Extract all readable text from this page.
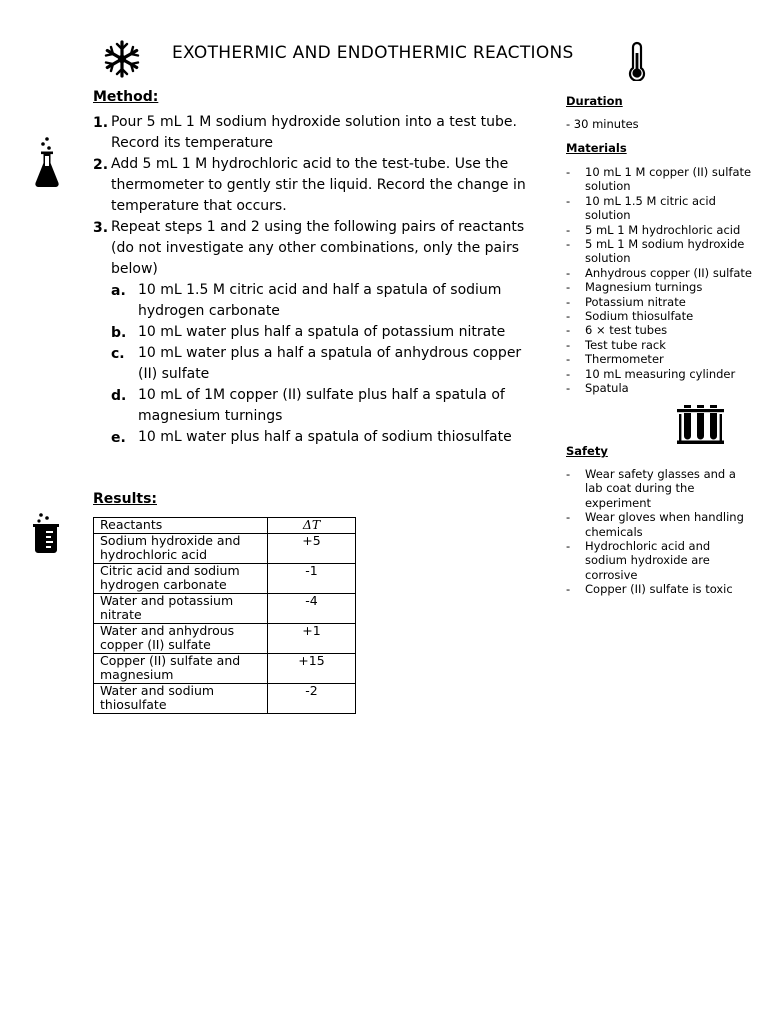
EXOTHERMIC AND ENDOTHERMIC REACTIONS
Method:
1. Pour 5 mL 1 M sodium hydroxide solution into a test tube. Record its temperature
2. Add 5 mL 1 M hydrochloric acid to the test-tube. Use the thermometer to gently stir the liquid. Record the change in temperature that occurs.
3. Repeat steps 1 and 2 using the following pairs of reactants (do not investigate any other combinations, only the pairs below)
a. 10 mL 1.5 M citric acid and half a spatula of sodium hydrogen carbonate
b. 10 mL water plus half a spatula of potassium nitrate
c. 10 mL water plus a half a spatula of anhydrous copper (II) sulfate
d. 10 mL of 1M copper (II) sulfate plus half a spatula of magnesium turnings
e. 10 mL water plus half a spatula of sodium thiosulfate
Results:
Reactants	ΔT
Sodium hydroxide and hydrochloric acid	+5
Citric acid and sodium hydrogen carbonate	-1
Water and potassium nitrate	-4
Water and anhydrous copper (II) sulfate	+1
Copper (II) sulfate and magnesium	+15
Water and sodium thiosulfate	-2
Duration
- 30 minutes
Materials
- 10 mL 1 M copper (II) sulfate solution
- 10 mL 1.5 M citric acid solution
- 5 mL 1 M hydrochloric acid
- 5 mL 1 M sodium hydroxide solution
- Anhydrous copper (II) sulfate
- Magnesium turnings
- Potassium nitrate
- Sodium thiosulfate
- 6 × test tubes
- Test tube rack
- Thermometer
- 10 mL measuring cylinder
- Spatula
Safety
- Wear safety glasses and a lab coat during the experiment
- Wear gloves when handling chemicals
- Hydrochloric acid and sodium hydroxide are corrosive
- Copper (II) sulfate is toxic
